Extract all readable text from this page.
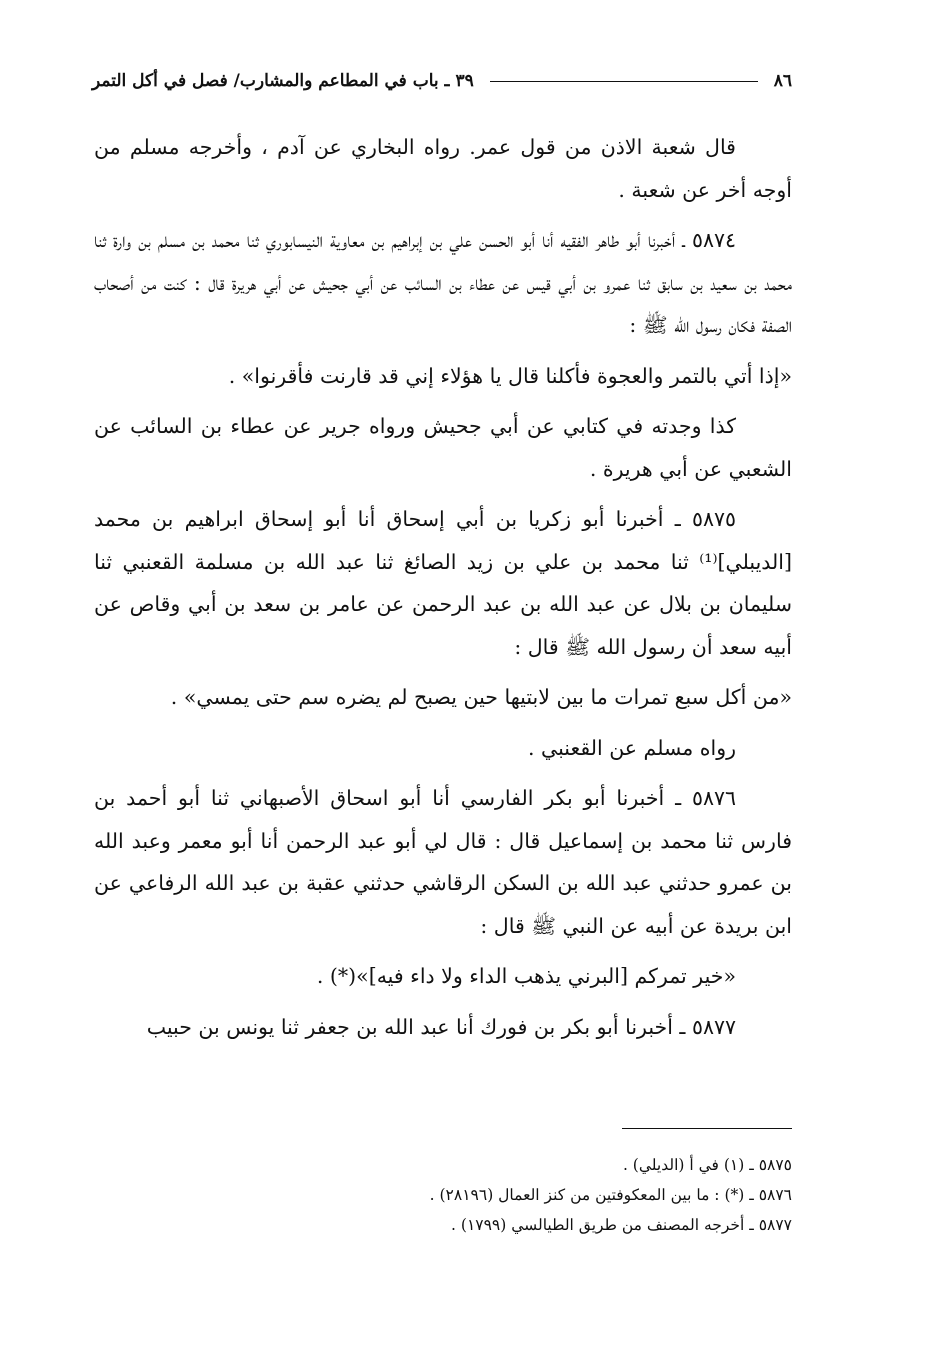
٨٦
٣٩ ـ باب في المطاعم والمشارب/ فصل في أكل التمر

قال شعبة الاذن من قول عمر. رواه البخاري عن آدم ، وأخرجه مسلم من أوجه أخر عن شعبة .

٥٨٧٤ ـ أخبرنا أبو طاهر الفقيه أنا أبو الحسن علي بن إبراهيم بن معاوية النيسابوري ثنا محمد بن مسلم بن وارة ثنا محمد بن سعيد بن سابق ثنا عمرو بن أبي قيس عن عطاء بن السائب عن أبي جحيش عن أبي هريرة قال : كنت من أصحاب الصفة فكان رسول الله ﷺ :

«إذا أتي بالتمر والعجوة فأكلنا قال يا هؤلاء إني قد قارنت فأقرنوا» .

كذا وجدته في كتابي عن أبي جحيش ورواه جرير عن عطاء بن السائب عن الشعبي عن أبي هريرة .

٥٨٧٥ ـ أخبرنا أبو زكريا بن أبي إسحاق أنا أبو إسحاق ابراهيم بن محمد [الديبلي]⁽¹⁾ ثنا محمد بن علي بن زيد الصائغ ثنا عبد الله بن مسلمة القعنبي ثنا سليمان بن بلال عن عبد الله بن عبد الرحمن عن عامر بن سعد بن أبي وقاص عن أبيه سعد أن رسول الله ﷺ قال :

«من أكل سبع تمرات ما بين لابتيها حين يصبح لم يضره سم حتى يمسي» .

رواه مسلم عن القعنبي .

٥٨٧٦ ـ أخبرنا أبو بكر الفارسي أنا أبو اسحاق الأصبهاني ثنا أبو أحمد بن فارس ثنا محمد بن إسماعيل قال : قال لي أبو عبد الرحمن أنا أبو معمر وعبد الله بن عمرو حدثني عبد الله بن السكن الرقاشي حدثني عقبة بن عبد الله الرفاعي عن ابن بريدة عن أبيه عن النبي ﷺ قال :

«خير تمركم [البرني يذهب الداء ولا داء فيه]»(*) .

٥٨٧٧ ـ أخبرنا أبو بكر بن فورك أنا عبد الله بن جعفر ثنا يونس بن حبيب

٥٨٧٥ ـ (١) في أ (الديلي) .

٥٨٧٦ ـ (*) : ما بين المعكوفتين من كنز العمال (٢٨١٩٦) .

٥٨٧٧ ـ أخرجه المصنف من طريق الطيالسي (١٧٩٩) .
